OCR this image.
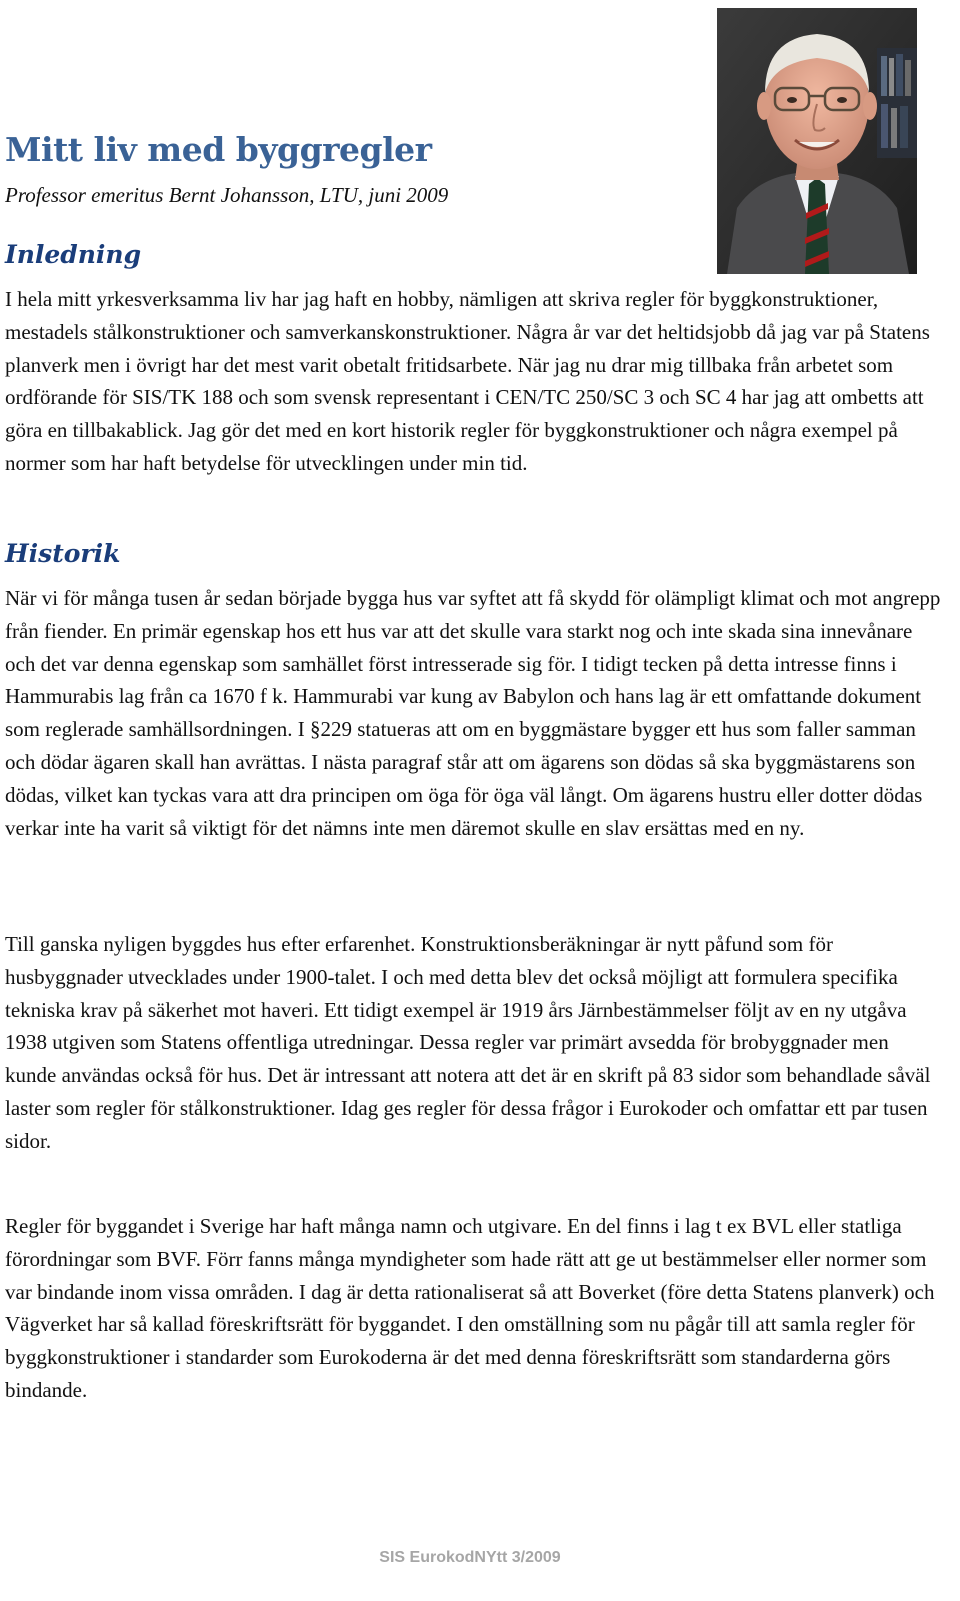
Mitt liv med byggregler

Professor emeritus Bernt Johansson, LTU, juni 2009

Inledning

I hela mitt yrkesverksamma liv har jag haft en hobby, nämligen att skriva regler för byggkonstruktioner, mestadels stålkonstruktioner och samverkanskonstruktioner. Några år var det heltidsjobb då jag var på Statens planverk men i övrigt har det mest varit obetalt fritidsarbete. När jag nu drar mig tillbaka från arbetet som ordförande för SIS/TK 188 och som svensk representant i CEN/TC 250/SC 3 och SC 4 har jag att ombetts att göra en tillbakablick. Jag gör det med en kort historik regler för byggkonstruktioner och några exempel på normer som har haft betydelse för utvecklingen under min tid.

Historik

När vi för många tusen år sedan började bygga hus var syftet att få skydd för olämpligt klimat och mot angrepp från fiender. En primär egenskap hos ett hus var att det skulle vara starkt nog och inte skada sina innevånare och det var denna egenskap som samhället först intresserade sig för. I tidigt tecken på detta intresse finns i Hammurabis lag från ca 1670 f k. Hammurabi var kung av Babylon och hans lag är ett omfattande dokument som reglerade samhällsordningen. I §229 statueras att om en byggmästare bygger ett hus som faller samman och dödar ägaren skall han avrättas. I nästa paragraf står att om ägarens son dödas så ska byggmästarens son dödas, vilket kan tyckas vara att dra principen om öga för öga väl långt. Om ägarens hustru eller dotter dödas verkar inte ha varit så viktigt för det nämns inte men däremot skulle en slav ersättas med en ny.

Till ganska nyligen byggdes hus efter erfarenhet. Konstruktionsberäkningar är nytt påfund som för husbyggnader utvecklades under 1900-talet. I och med detta blev det också möjligt att formulera specifika tekniska krav på säkerhet mot haveri. Ett tidigt exempel är 1919 års Järnbestämmelser följt av en ny utgåva 1938 utgiven som Statens offentliga utredningar. Dessa regler var primärt avsedda för brobyggnader men kunde användas också för hus. Det är intressant att notera att det är en skrift på 83 sidor som behandlade såväl laster som regler för stålkonstruktioner. Idag ges regler för dessa frågor i Eurokoder och omfattar ett par tusen sidor.

Regler för byggandet i Sverige har haft många namn och utgivare. En del finns i lag t ex BVL eller statliga förordningar som BVF. Förr fanns många myndigheter som hade rätt att ge ut bestämmelser eller normer som var bindande inom vissa områden. I dag är detta rationaliserat så att Boverket (före detta Statens planverk) och Vägverket har så kallad föreskriftsrätt för byggandet. I den omställning som nu pågår till att samla regler för byggkonstruktioner i standarder som Eurokoderna är det med denna föreskriftsrätt som standarderna görs bindande.

SIS EurokodNYtt 3/2009
